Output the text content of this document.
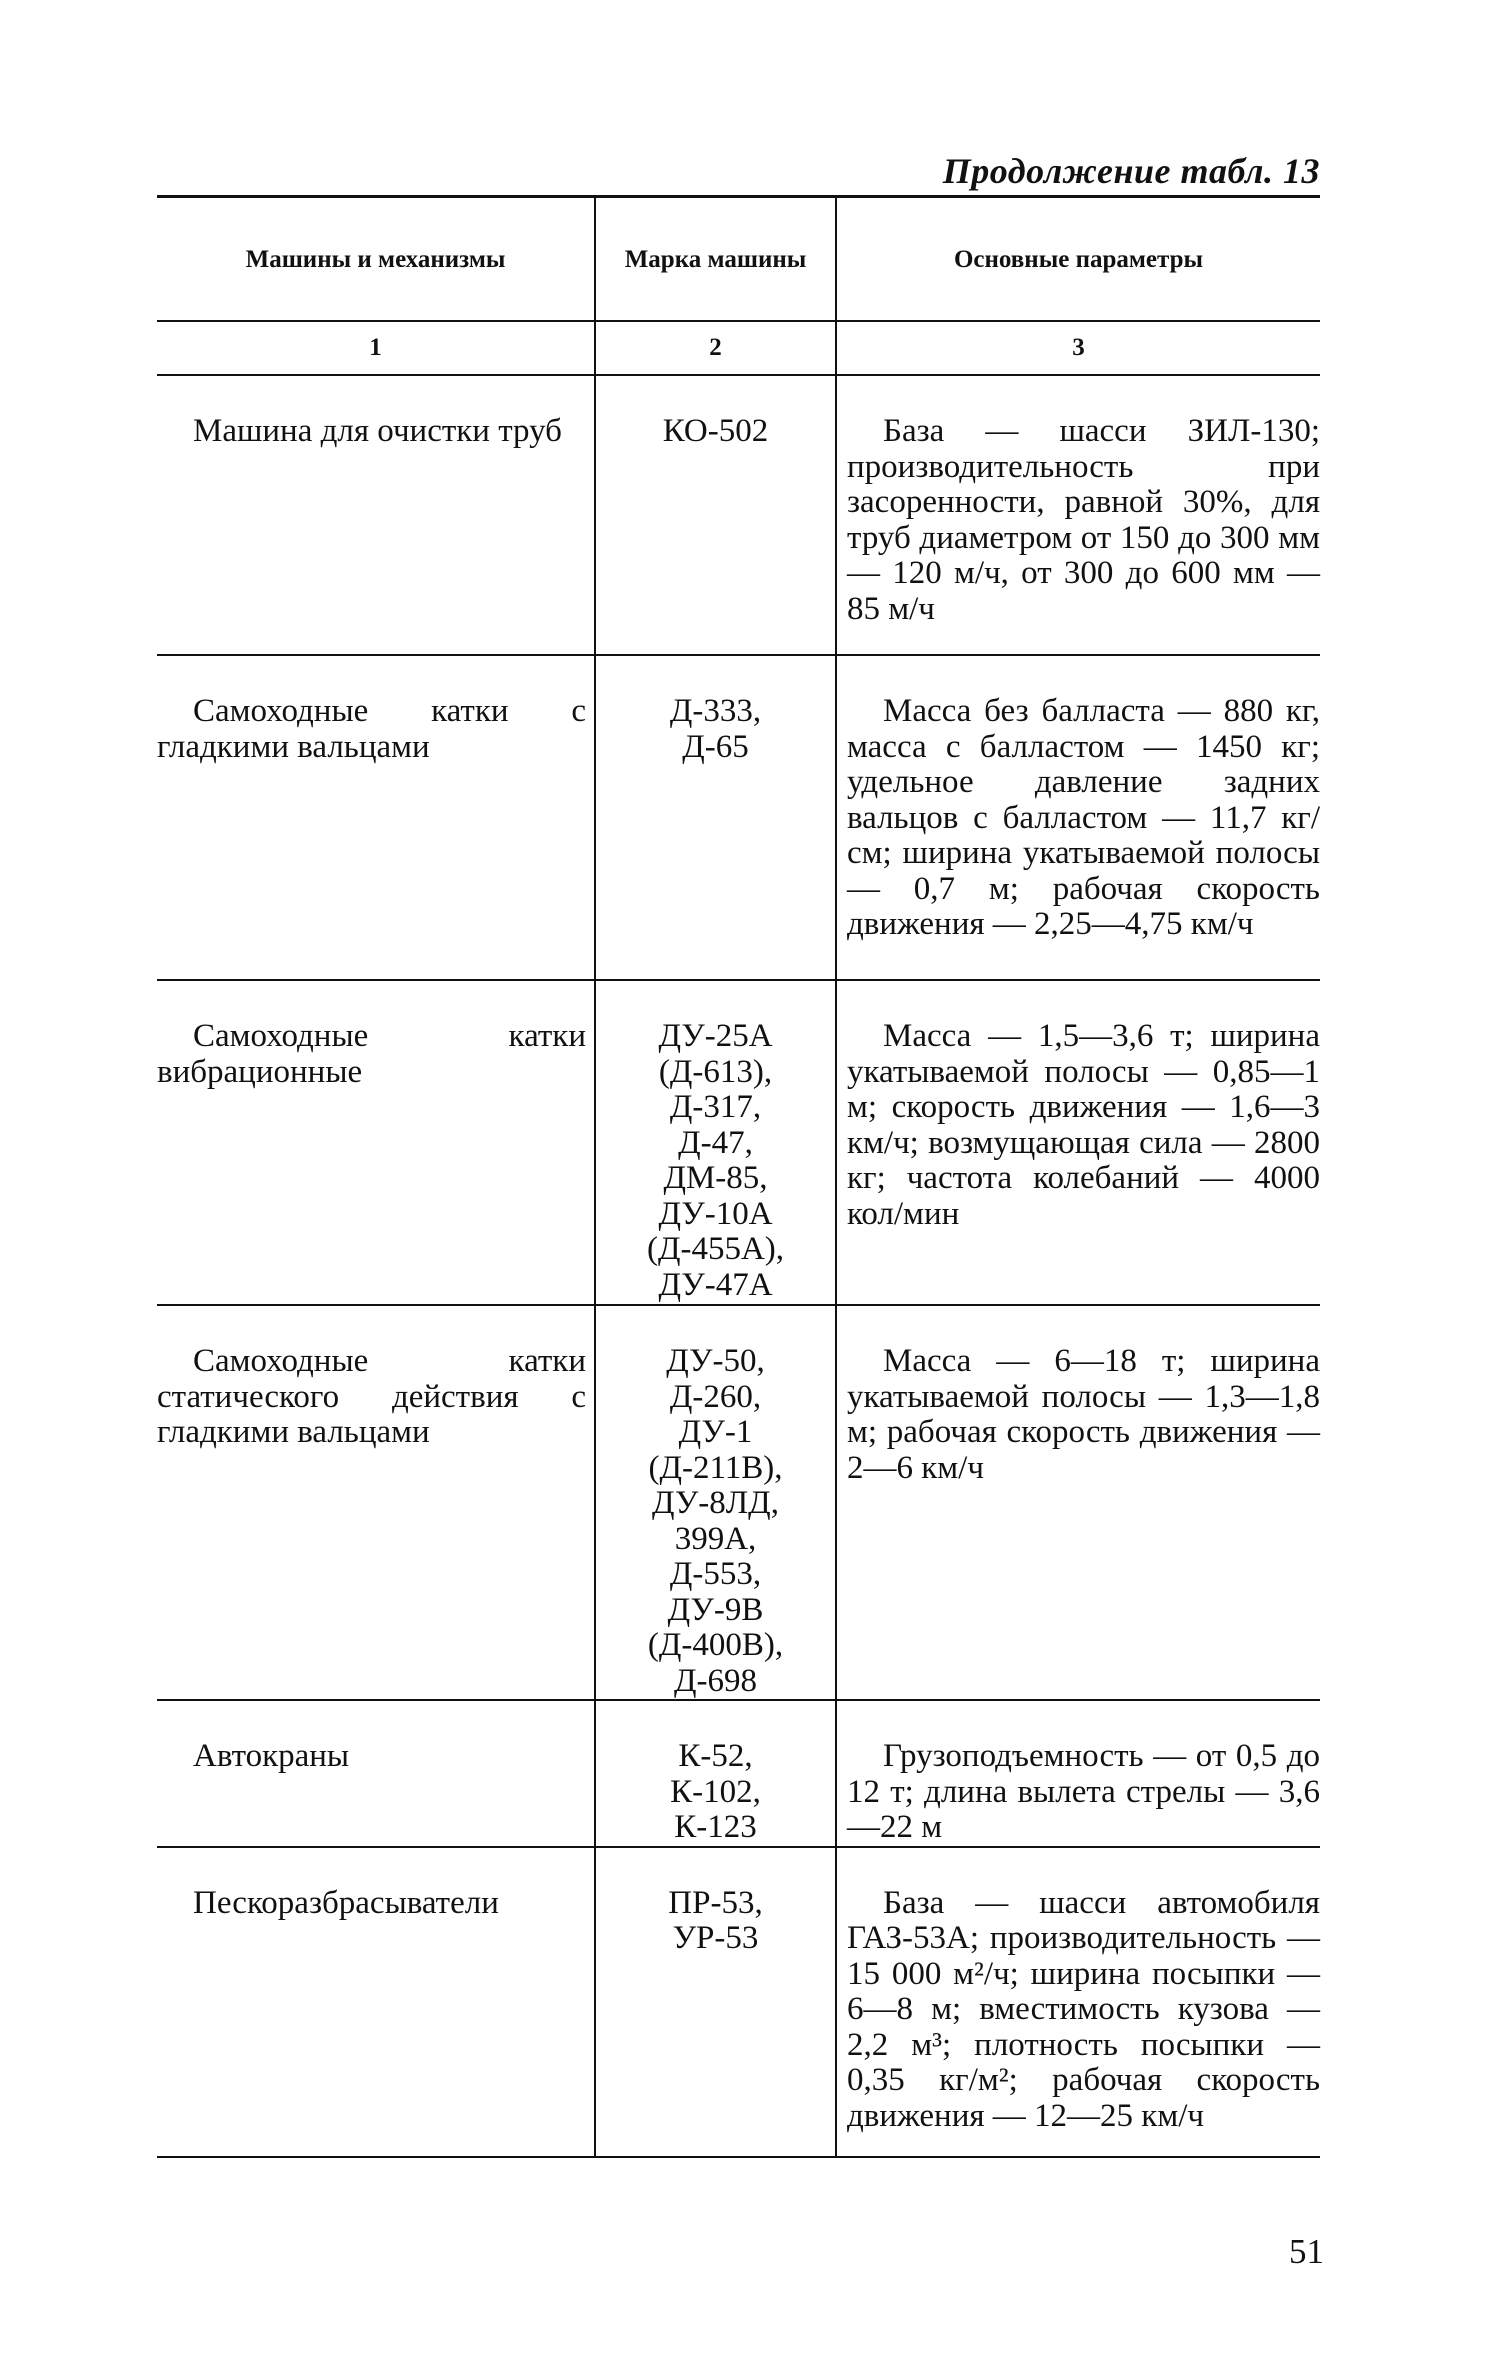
Продолжение табл. 13
Машины и механизмы	Марка машины	Основные параметры
1	2	3

Машина для очистки труб	КО-502	База — шасси ЗИЛ-130; производительность при засоренности, равной 30%, для труб диаметром от 150 до 300 мм — 120 м/ч, от 300 до 600 мм — 85 м/ч

Самоходные катки с гладкими вальцами	Д-333, Д-65	Масса без балласта — 880 кг, масса с балластом — 1450 кг; удельное давление задних вальцов с балластом — 11,7 кг/см; ширина укатываемой полосы — 0,7 м; рабочая скорость движения — 2,25—4,75 км/ч

Самоходные катки вибрационные	ДУ-25А (Д-613), Д-317, Д-47, ДМ-85, ДУ-10А (Д-455А), ДУ-47А	Масса — 1,5—3,6 т; ширина укатываемой полосы — 0,85—1 м; скорость движения — 1,6—3 км/ч; возмущающая сила — 2800 кг; частота колебаний — 4000 кол/мин

Самоходные катки статического действия с гладкими вальцами	ДУ-50, Д-260, ДУ-1 (Д-211В), ДУ-8ЛД, 399А, Д-553, ДУ-9В (Д-400В), Д-698	Масса — 6—18 т; ширина укатываемой полосы — 1,3—1,8 м; рабочая скорость движения — 2—6 км/ч

Автокраны	К-52, К-102, К-123	Грузоподъемность — от 0,5 до 12 т; длина вылета стрелы — 3,6—22 м

Пескоразбрасыватели	ПР-53, УР-53	База — шасси автомобиля ГАЗ-53А; производительность — 15 000 м²/ч; ширина посыпки — 6—8 м; вместимость кузова — 2,2 м³; плотность посыпки — 0,35 кг/м²; рабочая скорость движения — 12—25 км/ч
51
